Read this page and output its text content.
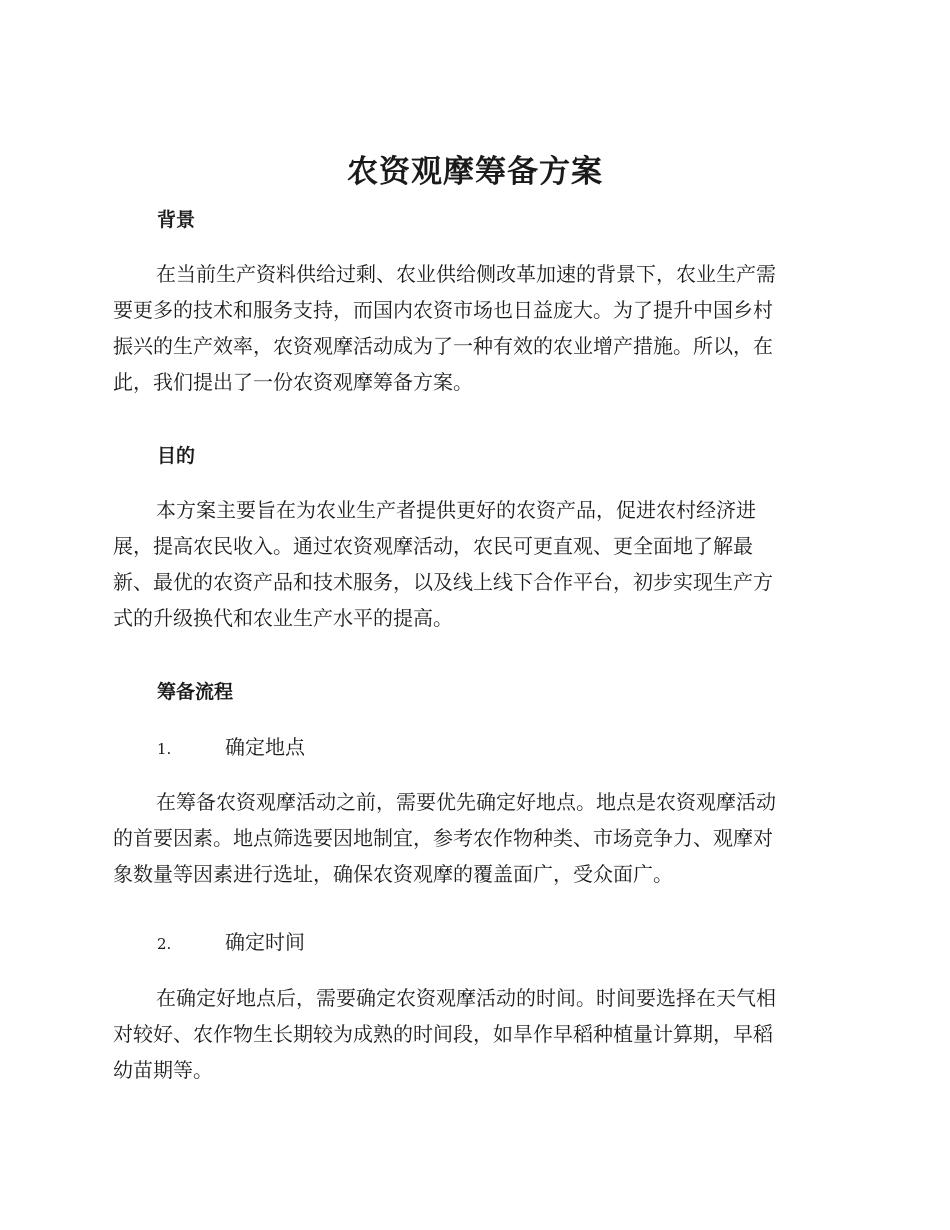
农资观摩筹备方案
背景
在当前生产资料供给过剩、农业供给侧改革加速的背景下，农业生产需
要更多的技术和服务支持，而国内农资市场也日益庞大。为了提升中国乡村
振兴的生产效率，农资观摩活动成为了一种有效的农业增产措施。所以，在
此，我们提出了一份农资观摩筹备方案。
目的
本方案主要旨在为农业生产者提供更好的农资产品，促进农村经济进
展，提高农民收入。通过农资观摩活动，农民可更直观、更全面地了解最
新、最优的农资产品和技术服务，以及线上线下合作平台，初步实现生产方
式的升级换代和农业生产水平的提高。
筹备流程
1.	确定地点
在筹备农资观摩活动之前，需要优先确定好地点。地点是农资观摩活动
的首要因素。地点筛选要因地制宜，参考农作物种类、市场竞争力、观摩对
象数量等因素进行选址，确保农资观摩的覆盖面广，受众面广。
2.	确定时间
在确定好地点后，需要确定农资观摩活动的时间。时间要选择在天气相
对较好、农作物生长期较为成熟的时间段，如旱作早稻种植量计算期，早稻
幼苗期等。
